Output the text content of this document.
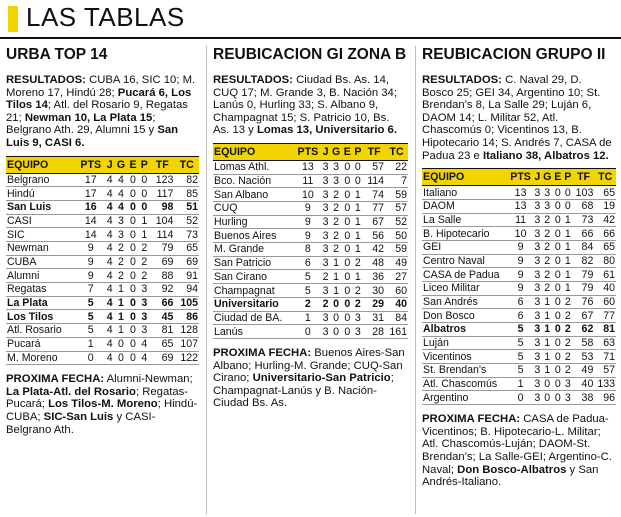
LAS TABLAS
URBA TOP 14
RESULTADOS: CUBA 16, SIC 10; M. Moreno 17, Hindú 28; Pucará 6, Los Tilos 14; Atl. del Rosario 9, Regatas 21; Newman 10, La Plata 15; Belgrano Ath. 29, Alumni 15 y San Luis 9, CASI 6.
EQUIPO	PTS	J	G	E	P	TF	TC
Belgrano	17	4	4	0	0	123	82
Hindú	17	4	4	0	0	117	85
San Luis	16	4	4	0	0	98	51
CASI	14	4	3	0	1	104	52
SIC	14	4	3	0	1	114	73
Newman	9	4	2	0	2	79	65
CUBA	9	4	2	0	2	69	69
Alumni	9	4	2	0	2	88	91
Regatas	7	4	1	0	3	92	94
La Plata	5	4	1	0	3	66	105
Los Tilos	5	4	1	0	3	45	86
Atl. Rosario	5	4	1	0	3	81	128
Pucará	1	4	0	0	4	65	107
M. Moreno	0	4	0	0	4	69	122
PROXIMA FECHA: Alumni-Newman; La Plata-Atl. del Rosario; Regatas-Pucará; Los Tilos-M. Moreno; Hindú-CUBA; SIC-San Luis y CASI-Belgrano Ath.
REUBICACION GI ZONA B
RESULTADOS: Ciudad Bs. As. 14, CUQ 17; M. Grande 3, B. Nación 34; Lanús 0, Hurling 33; S. Albano 9, Champagnat 15; S. Patricio 10, Bs. As. 13 y Lomas 13, Universitario 6.
EQUIPO	PTS	J	G	E	P	TF	TC
Lomas Athl.	13	3	3	0	0	57	22
Bco. Nación	11	3	3	0	0	114	7
San Albano	10	3	2	0	1	74	59
CUQ	9	3	2	0	1	77	57
Hurling	9	3	2	0	1	67	52
Buenos Aires	9	3	2	0	1	56	50
M. Grande	8	3	2	0	1	42	59
San Patricio	6	3	1	0	2	48	49
San Cirano	5	2	1	0	1	36	27
Champagnat	5	3	1	0	2	30	60
Universitario	2	2	0	0	2	29	40
Ciudad de BA.	1	3	0	0	3	31	84
Lanús	0	3	0	0	3	28	161
PROXIMA FECHA: Buenos Aires-San Albano; Hurling-M. Grande; CUQ-San Cirano; Universitario-San Patricio; Champagnat-Lanús y B. Nación-Ciudad Bs. As.
REUBICACION GRUPO II
RESULTADOS: C. Naval 29, D. Bosco 25; GEI 34, Argentino 10; St. Brendan's 8, La Salle 29; Luján 6, DAOM 14; L. Militar 52, Atl. Chascomús 0; Vicentinos 13, B. Hipotecario 14; S. Andrés 7, CASA de Padua 23 e Italiano 38, Albatros 12.
EQUIPO	PTS	J	G	E	P	TF	TC
Italiano	13	3	3	0	0	103	65
DAOM	13	3	3	0	0	68	19
La Salle	11	3	2	0	1	73	42
B. Hipotecario	10	3	2	0	1	66	66
GEI	9	3	2	0	1	84	65
Centro Naval	9	3	2	0	1	82	80
CASA de Padua	9	3	2	0	1	79	61
Liceo Militar	9	3	2	0	1	79	40
San Andrés	6	3	1	0	2	76	60
Don Bosco	6	3	1	0	2	67	77
Albatros	5	3	1	0	2	62	81
Luján	5	3	1	0	2	58	63
Vicentinos	5	3	1	0	2	53	71
St. Brendan's	5	3	1	0	2	49	57
Atl. Chascomús	1	3	0	0	3	40	133
Argentino	0	3	0	0	3	38	96
PROXIMA FECHA: CASA de Padua-Vicentinos; B. Hipotecario-L. Militar; Atl. Chascomús-Luján; DAOM-St. Brendan's; La Salle-GEI; Argentino-C. Naval; Don Bosco-Albatros y San Andrés-Italiano.
